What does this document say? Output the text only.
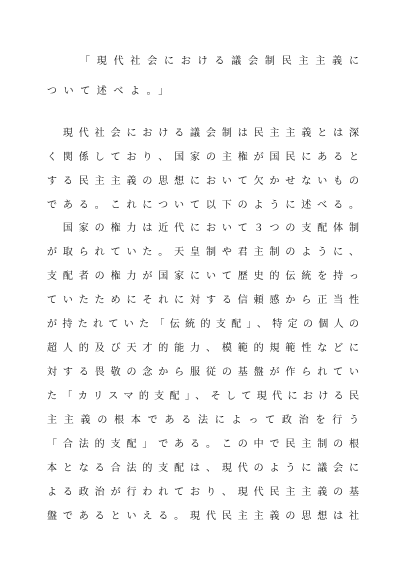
「現代社会における議会制民主主義に

ついて述べよ。」

　現代社会における議会制は民主主義とは深

く関係しており、国家の主権が国民にあると

する民主主義の思想において欠かせないもの

である。これについて以下のように述べる。

　国家の権力は近代において３つの支配体制

が取られていた。天皇制や君主制のように、

支配者の権力が国家にいて歴史的伝統を持っ

ていたためにそれに対する信頼感から正当性

が持たれていた「伝統的支配」、特定の個人の

超人的及び天才的能力、模範的規範性などに

対する畏敬の念から服従の基盤が作られてい

た「カリスマ的支配」、そして現代における民

主主義の根本である法によって政治を行う

「合法的支配」である。この中で民主制の根

本となる合法的支配は、現代のように議会に

よる政治が行われており、現代民主主義の基

盤であるといえる。現代民主主義の思想は社
